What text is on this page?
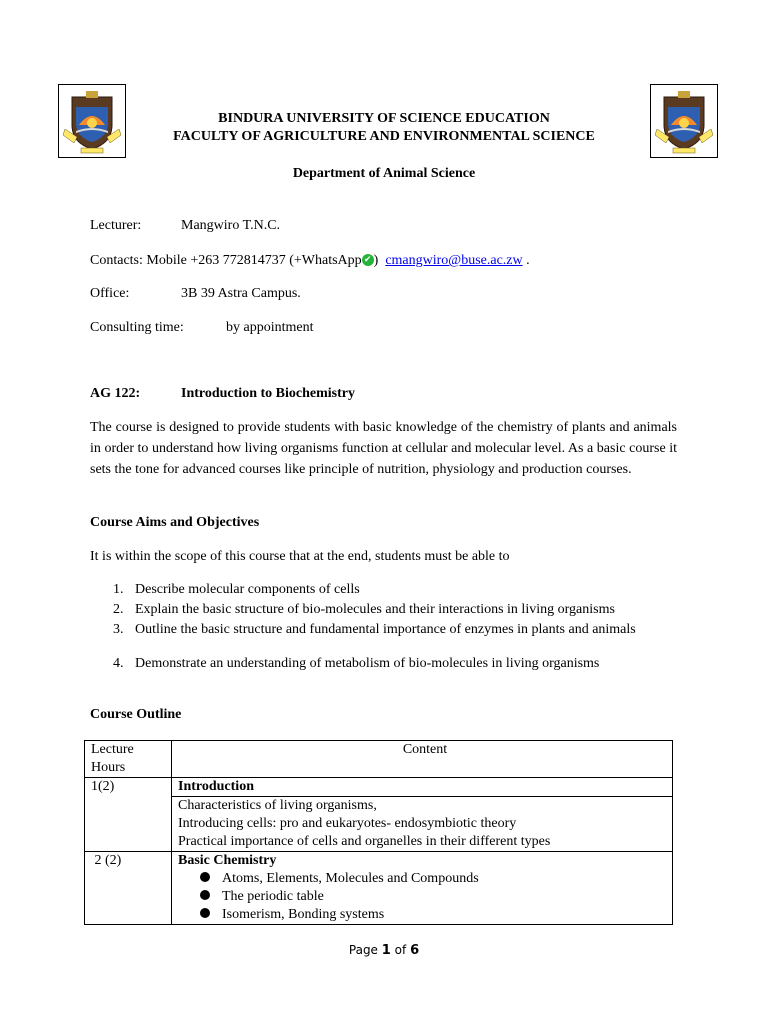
BINDURA UNIVERSITY OF SCIENCE EDUCATION
FACULTY OF AGRICULTURE AND ENVIRONMENTAL SCIENCE
Department of Animal Science
Lecturer:	Mangwiro T.N.C.
Contacts: Mobile +263 772814737 (+WhatsApp ✔ ) cmangwiro@buse.ac.zw .
Office:	3B 39 Astra Campus.
Consulting time:	by appointment
AG 122:	Introduction to Biochemistry
The course is designed to provide students with basic knowledge of the chemistry of plants and animals in order to understand how living organisms function at cellular and molecular level. As a basic course it sets the tone for advanced courses like principle of nutrition, physiology and production courses.
Course Aims and Objectives
It is within the scope of this course that at the end, students must be able to
1. Describe molecular components of cells
2. Explain the basic structure of bio-molecules and their interactions in living organisms
3. Outline the basic structure and fundamental importance of enzymes in plants and animals
4. Demonstrate an understanding of metabolism of bio-molecules in living organisms
Course Outline
Lecture Hours	Content
1(2)	Introduction

	Characteristics of living organisms,
Introducing cells: pro and eukaryotes- endosymbiotic theory
Practical importance of cells and organelles in their different types

2 (2)	Basic Chemistry
Atoms, Elements, Molecules and Compounds
The periodic table
Isomerism, Bonding systems
Page 1 of 6
